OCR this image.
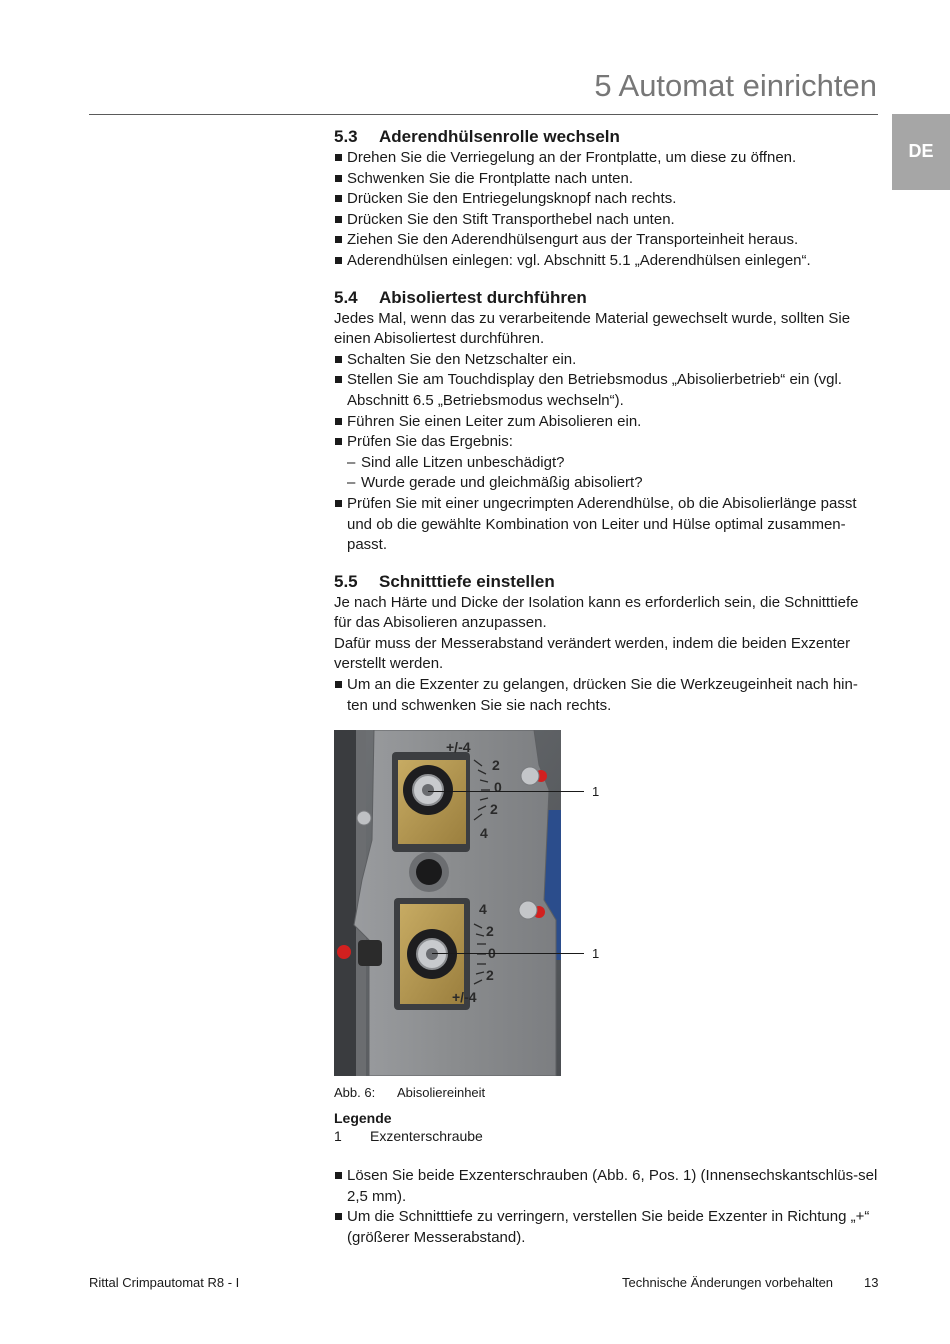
5 Automat einrichten
DE
5.3 Aderendhülsenrolle wechseln
Drehen Sie die Verriegelung an der Frontplatte, um diese zu öffnen.
Schwenken Sie die Frontplatte nach unten.
Drücken Sie den Entriegelungsknopf nach rechts.
Drücken Sie den Stift Transporthebel nach unten.
Ziehen Sie den Aderendhülsengurt aus der Transporteinheit heraus.
Aderendhülsen einlegen: vgl. Abschnitt 5.1 „Aderendhülsen einlegen“.
5.4 Abisoliertest durchführen

Jedes Mal, wenn das zu verarbeitende Material gewechselt wurde, sollten Sie einen Abisoliertest durchführen.

Schalten Sie den Netzschalter ein.
Stellen Sie am Touchdisplay den Betriebsmodus „Abisolierbetrieb“ ein (vgl. Abschnitt 6.5 „Betriebsmodus wechseln“).
Führen Sie einen Leiter zum Abisolieren ein.
Prüfen Sie das Ergebnis:
– Sind alle Litzen unbeschädigt?
– Wurde gerade und gleichmäßig abisoliert?
Prüfen Sie mit einer ungecrimpten Aderendhülse, ob die Abisolierlänge passt und ob die gewählte Kombination von Leiter und Hülse optimal zusammen-passt.
5.5 Schnitttiefe einstellen

Je nach Härte und Dicke der Isolation kann es erforderlich sein, die Schnitttiefe für das Abisolieren anzupassen.

Dafür muss der Messerabstand verändert werden, indem die beiden Exzenter verstellt werden.

Um an die Exzenter zu gelangen, drücken Sie die Werkzeugeinheit nach hin-ten und schwenken Sie sie nach rechts.
+/-4
2
0
2
4
4
2
0
2
+/-4
1
1
Abb. 6: Abisoliereinheit
Legende
1 Exzenterschraube
Lösen Sie beide Exzenterschrauben (Abb. 6, Pos. 1) (Innensechskantschlüs-sel 2,5 mm).
Um die Schnitttiefe zu verringern, verstellen Sie beide Exzenter in Richtung „+“ (größerer Messerabstand).
Rittal Crimpautomat R8 - I	Technische Änderungen vorbehalten 13
